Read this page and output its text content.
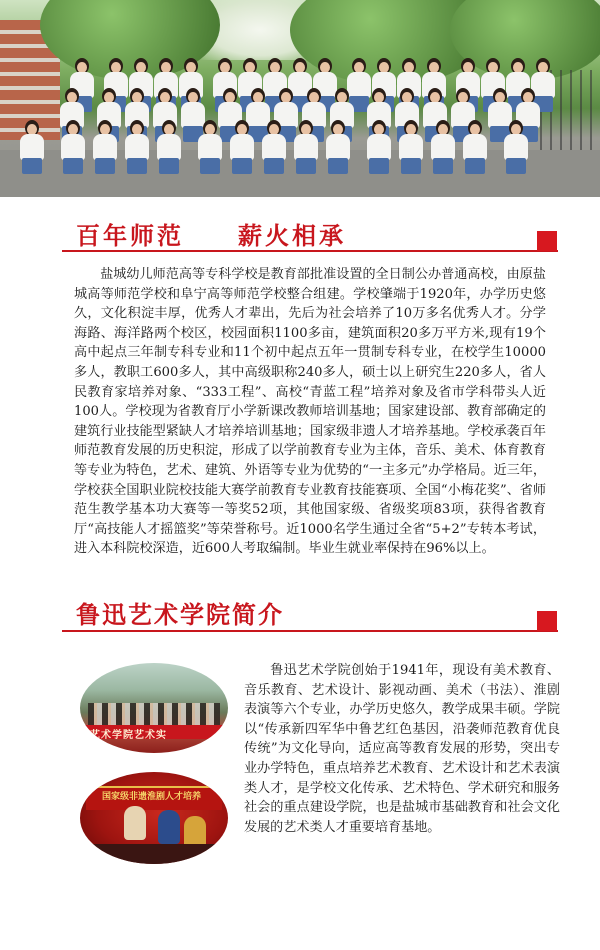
百年师范　　薪火相承

盐城幼儿师范高等专科学校是教育部批准设置的全日制公办普通高校，由原盐城高等师范学校和阜宁高等师范学校整合组建。学校肇端于1920年，办学历史悠久，文化积淀丰厚，优秀人才辈出，先后为社会培养了10万多名优秀人才。分学海路、海洋路两个校区，校园面积1100多亩，建筑面积20多万平方米,现有19个高中起点三年制专科专业和11个初中起点五年一贯制专科专业，在校学生10000多人，教职工600多人，其中高级职称240多人，硕士以上研究生220多人，省人民教育家培养对象、“333工程”、高校“青蓝工程”培养对象及省市学科带头人近100人。学校现为省教育厅小学新课改教师培训基地；国家建设部、教育部确定的建筑行业技能型紧缺人才培养培训基地；国家级非遗人才培养基地。学校承袭百年师范教育发展的历史积淀，形成了以学前教育专业为主体，音乐、美术、体育教育等专业为特色，艺术、建筑、外语等专业为优势的“一主多元”办学格局。近三年，学校获全国职业院校技能大赛学前教育专业教育技能赛项、全国“小梅花奖”、省师范生教学基本功大赛等一等奖52项，其他国家级、省级奖项83项，获得省教育厅“高技能人才摇篮奖”等荣誉称号。近1000名学生通过全省“5+2”专转本考试，进入本科院校深造，近600人考取编制。毕业生就业率保持在96%以上。

鲁迅艺术学院简介
艺术学院艺术实
国家级非遗淮剧人才培养

鲁迅艺术学院创始于1941年，现设有美术教育、音乐教育、艺术设计、影视动画、美术（书法）、淮剧表演等六个专业，办学历史悠久，教学成果丰硕。学院以“传承新四军华中鲁艺红色基因，沿袭师范教育优良传统”为文化导向，适应高等教育发展的形势，突出专业办学特色，重点培养艺术教育、艺术设计和艺术表演类人才，是学校文化传承、艺术特色、学术研究和服务社会的重点建设学院，也是盐城市基础教育和社会文化发展的艺术类人才重要培育基地。
